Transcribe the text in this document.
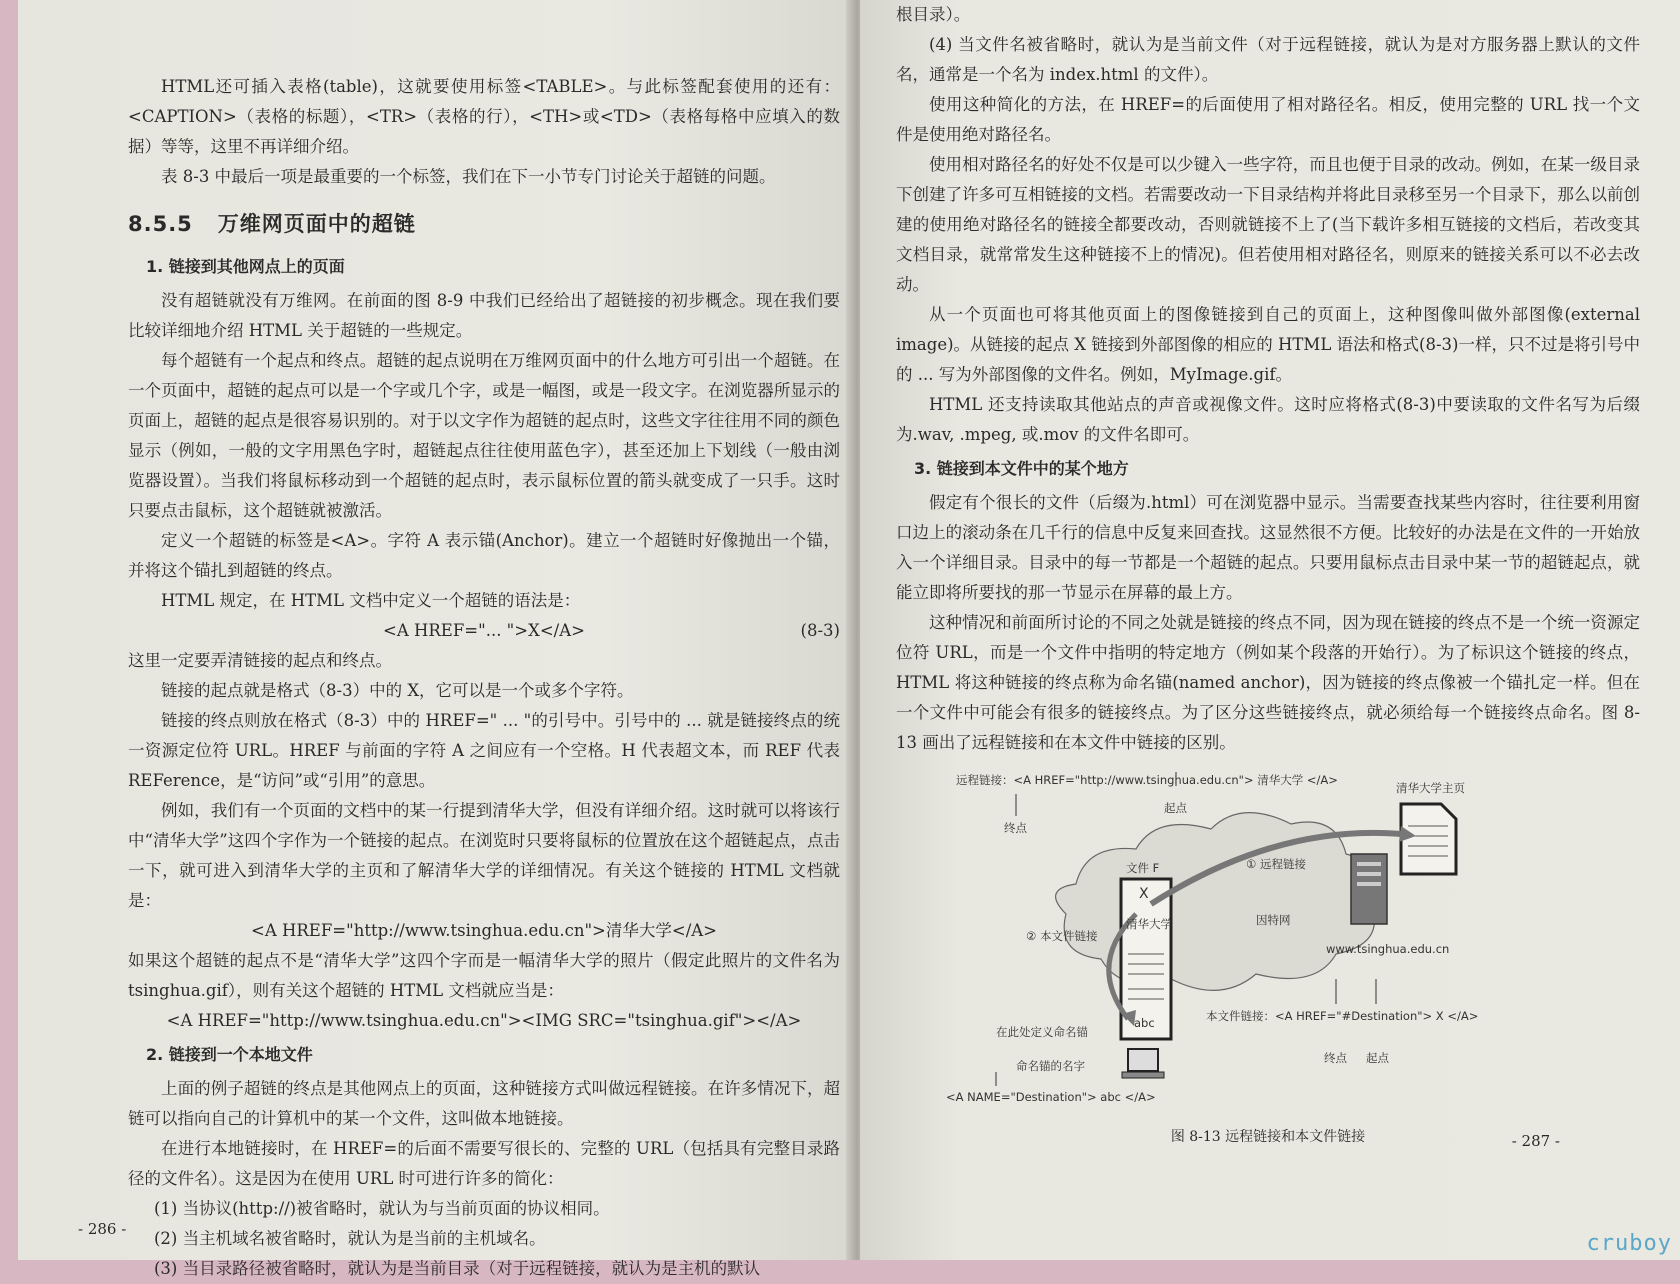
HTML还可插入表格(table)，这就要使用标签<TABLE>。与此标签配套使用的还有：<CAPTION>（表格的标题），<TR>（表格的行），<TH>或<TD>（表格每格中应填入的数据）等等，这里不再详细介绍。

表 8-3 中最后一项是最重要的一个标签，我们在下一小节专门讨论关于超链的问题。

8.5.5 万维网页面中的超链

1. 链接到其他网点上的页面

没有超链就没有万维网。在前面的图 8-9 中我们已经给出了超链接的初步概念。现在我们要比较详细地介绍 HTML 关于超链的一些规定。

每个超链有一个起点和终点。超链的起点说明在万维网页面中的什么地方可引出一个超链。在一个页面中，超链的起点可以是一个字或几个字，或是一幅图，或是一段文字。在浏览器所显示的页面上，超链的起点是很容易识别的。对于以文字作为超链的起点时，这些文字往往用不同的颜色显示（例如，一般的文字用黑色字时，超链起点往往使用蓝色字），甚至还加上下划线（一般由浏览器设置）。当我们将鼠标移动到一个超链的起点时，表示鼠标位置的箭头就变成了一只手。这时只要点击鼠标，这个超链就被激活。

定义一个超链的标签是<A>。字符 A 表示锚(Anchor)。建立一个超链时好像抛出一个锚，并将这个锚扎到超链的终点。

HTML 规定，在 HTML 文档中定义一个超链的语法是：

<A HREF="... ">X</A>	(8-3)

这里一定要弄清链接的起点和终点。

链接的起点就是格式（8-3）中的 X，它可以是一个或多个字符。

链接的终点则放在格式（8-3）中的 HREF=" ... "的引号中。引号中的 ... 就是链接终点的统一资源定位符 URL。HREF 与前面的字符 A 之间应有一个空格。H 代表超文本，而 REF 代表 REFerence，是“访问”或“引用”的意思。

例如，我们有一个页面的文档中的某一行提到清华大学，但没有详细介绍。这时就可以将该行中“清华大学”这四个字作为一个链接的起点。在浏览时只要将鼠标的位置放在这个超链起点，点击一下，就可进入到清华大学的主页和了解清华大学的详细情况。有关这个链接的 HTML 文档就是：

<A HREF="http://www.tsinghua.edu.cn">清华大学</A>

如果这个超链的起点不是“清华大学”这四个字而是一幅清华大学的照片（假定此照片的文件名为 tsinghua.gif），则有关这个超链的 HTML 文档就应当是：

<A HREF="http://www.tsinghua.edu.cn"><IMG SRC="tsinghua.gif"></A>

2. 链接到一个本地文件

上面的例子超链的终点是其他网点上的页面，这种链接方式叫做远程链接。在许多情况下，超链可以指向自己的计算机中的某一个文件，这叫做本地链接。

在进行本地链接时，在 HREF=的后面不需要写很长的、完整的 URL（包括具有完整目录路径的文件名）。这是因为在使用 URL 时可进行许多的简化：

(1) 当协议(http://)被省略时，就认为与当前页面的协议相同。

(2) 当主机域名被省略时，就认为是当前的主机域名。

(3) 当目录路径被省略时，就认为是当前目录（对于远程链接，就认为是主机的默认

- 286 -

根目录）。

(4) 当文件名被省略时，就认为是当前文件（对于远程链接，就认为是对方服务器上默认的文件名，通常是一个名为 index.html 的文件）。

使用这种简化的方法，在 HREF=的后面使用了相对路径名。相反，使用完整的 URL 找一个文件是使用绝对路径名。

使用相对路径名的好处不仅是可以少键入一些字符，而且也便于目录的改动。例如，在某一级目录下创建了许多可互相链接的文档。若需要改动一下目录结构并将此目录移至另一个目录下，那么以前创建的使用绝对路径名的链接全都要改动，否则就链接不上了(当下载许多相互链接的文档后，若改变其文档目录，就常常发生这种链接不上的情况)。但若使用相对路径名，则原来的链接关系可以不必去改动。

从一个页面也可将其他页面上的图像链接到自己的页面上，这种图像叫做外部图像(external image)。从链接的起点 X 链接到外部图像的相应的 HTML 语法和格式(8-3)一样，只不过是将引号中的 ... 写为外部图像的文件名。例如，MyImage.gif。

HTML 还支持读取其他站点的声音或视像文件。这时应将格式(8-3)中要读取的文件名写为后缀为.wav, .mpeg, 或.mov 的文件名即可。

3. 链接到本文件中的某个地方

假定有个很长的文件（后缀为.html）可在浏览器中显示。当需要查找某些内容时，往往要利用窗口边上的滚动条在几千行的信息中反复来回查找。这显然很不方便。比较好的办法是在文件的一开始放入一个详细目录。目录中的每一节都是一个超链的起点。只要用鼠标点击目录中某一节的超链起点，就能立即将所要找的那一节显示在屏幕的最上方。

这种情况和前面所讨论的不同之处就是链接的终点不同，因为现在链接的终点不是一个统一资源定位符 URL，而是一个文件中指明的特定地方（例如某个段落的开始行）。为了标识这个链接的终点，HTML 将这种链接的终点称为命名锚(named anchor)，因为链接的终点像被一个锚扎定一样。但在一个文件中可能会有很多的链接终点。为了区分这些链接终点，就必须给每一个链接终点命名。图 8-13 画出了远程链接和在本文件中链接的区别。

远程链接：<A HREF="http://www.tsinghua.edu.cn"> 清华大学 </A>
终点
起点
清华大学主页
文件 F
X
清华大学
① 远程链接
因特网
www.tsinghua.edu.cn
② 本文件链接
在此处定义命名锚
abc	本文件链接：<A HREF="#Destination"> X </A>
终点 起点
命名锚的名字
<A NAME="Destination"> abc </A>
图 8-13 远程链接和本文件链接	- 287 -
cruboy
